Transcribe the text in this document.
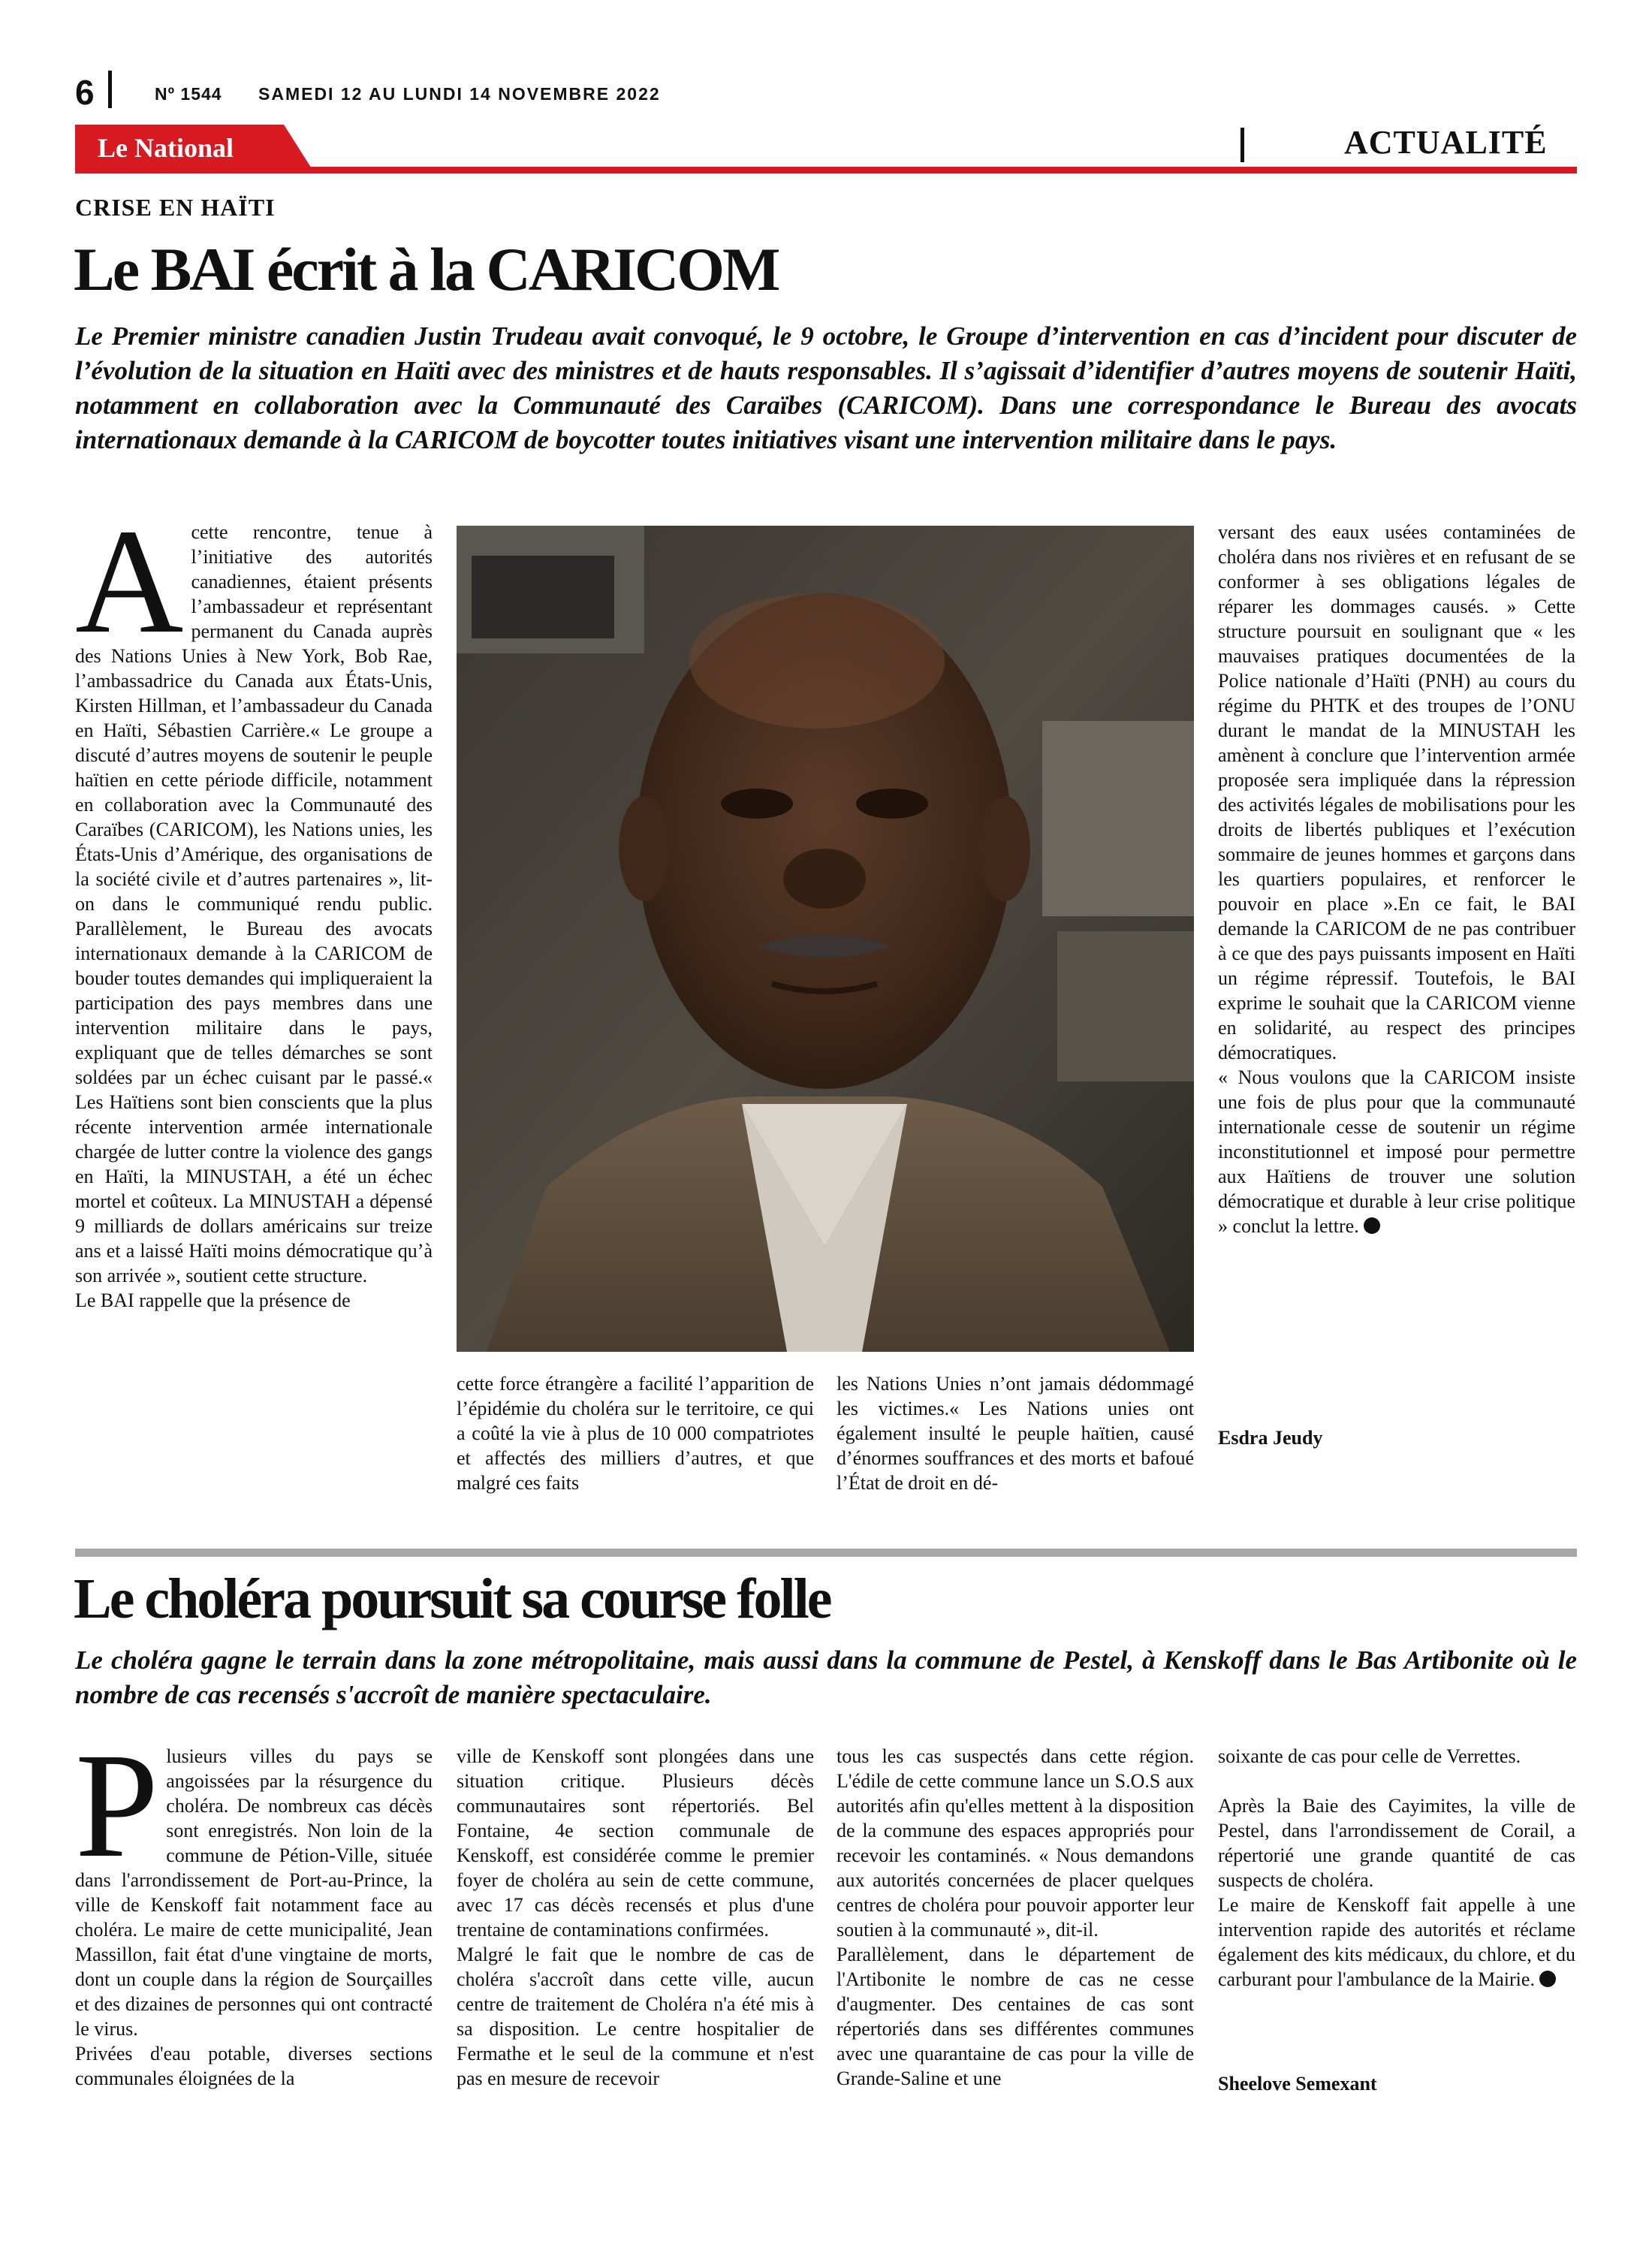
6	Nº 1544 SAMEDI 12 AU LUNDI 14 NOVEMBRE 2022
Le National	ACTUALITÉ
CRISE EN HAÏTI
Le BAI écrit à la CARICOM

Le Premier ministre canadien Justin Trudeau avait convoqué, le 9 octobre, le Groupe d’intervention en cas d’incident pour discuter de l’évolution de la situation en Haïti avec des ministres et de hauts responsables. Il s’agissait d’identifier d’autres moyens de soutenir Haïti, notamment en collaboration avec la Communauté des Caraïbes (CARICOM). Dans une correspondance le Bureau des avocats internationaux demande à la CARICOM de boycotter toutes initiatives visant une intervention militaire dans le pays.

A cette rencontre, tenue à l’initiative des autorités canadiennes, étaient présents l’ambassadeur et représentant permanent du Canada auprès des Nations Unies à New York, Bob Rae, l’ambassadrice du Canada aux États-Unis, Kirsten Hillman, et l’ambassadeur du Canada en Haïti, Sébastien Carrière.« Le groupe a discuté d’autres moyens de soutenir le peuple haïtien en cette période difficile, notamment en collaboration avec la Communauté des Caraïbes (CARICOM), les Nations unies, les États-Unis d’Amérique, des organisations de la société civile et d’autres partenaires », lit-on dans le communiqué rendu public. Parallèlement, le Bureau des avocats internationaux demande à la CARICOM de bouder toutes demandes qui impliqueraient la participation des pays membres dans une intervention militaire dans le pays, expliquant que de telles démarches se sont soldées par un échec cuisant par le passé.« Les Haïtiens sont bien conscients que la plus récente intervention armée internationale chargée de lutter contre la violence des gangs en Haïti, la MINUSTAH, a été un échec mortel et coûteux. La MINUSTAH a dépensé 9 milliards de dollars américains sur treize ans et a laissé Haïti moins démocratique qu’à son arrivée », soutient cette structure.

Le BAI rappelle que la présence de

cette force étrangère a facilité l’apparition de l’épidémie du choléra sur le territoire, ce qui a coûté la vie à plus de 10 000 compatriotes et affectés des milliers d’autres, et que malgré ces faits

les Nations Unies n’ont jamais dédommagé les victimes.« Les Nations unies ont également insulté le peuple haïtien, causé d’énormes souffrances et des morts et bafoué l’État de droit en dé-

versant des eaux usées contaminées de choléra dans nos rivières et en refusant de se conformer à ses obligations légales de réparer les dommages causés. » Cette structure poursuit en soulignant que « les mauvaises pratiques documentées de la Police nationale d’Haïti (PNH) au cours du régime du PHTK et des troupes de l’ONU durant le mandat de la MINUSTAH les amènent à conclure que l’intervention armée proposée sera impliquée dans la répression des activités légales de mobilisations pour les droits de libertés publiques et l’exécution sommaire de jeunes hommes et garçons dans les quartiers populaires, et renforcer le pouvoir en place ».En ce fait, le BAI demande la CARICOM de ne pas contribuer à ce que des pays puissants imposent en Haïti un régime répressif. Toutefois, le BAI exprime le souhait que la CARICOM vienne en solidarité, au respect des principes démocratiques.

« Nous voulons que la CARICOM insiste une fois de plus pour que la communauté internationale cesse de soutenir un régime inconstitutionnel et imposé pour permettre aux Haïtiens de trouver une solution démocratique et durable à leur crise politique » conclut la lettre.

Esdra Jeudy
Le choléra poursuit sa course folle

Le choléra gagne le terrain dans la zone métropolitaine, mais aussi dans la commune de Pestel, à Kenskoff dans le Bas Artibonite où le nombre de cas recensés s'accroît de manière spectaculaire.

P lusieurs villes du pays se angoissées par la résurgence du choléra. De nombreux cas décès sont enregistrés. Non loin de la commune de Pétion-Ville, située dans l'arrondissement de Port-au-Prince, la ville de Kenskoff fait notamment face au choléra. Le maire de cette municipalité, Jean Massillon, fait état d'une vingtaine de morts, dont un couple dans la région de Sourçailles et des dizaines de personnes qui ont contracté le virus.

Privées d'eau potable, diverses sections communales éloignées de la

ville de Kenskoff sont plongées dans une situation critique. Plusieurs décès communautaires sont répertoriés. Bel Fontaine, 4e section communale de Kenskoff, est considérée comme le premier foyer de choléra au sein de cette commune, avec 17 cas décès recensés et plus d'une trentaine de contaminations confirmées.

Malgré le fait que le nombre de cas de choléra s'accroît dans cette ville, aucun centre de traitement de Choléra n'a été mis à sa disposition. Le centre hospitalier de Fermathe et le seul de la commune et n'est pas en mesure de recevoir

tous les cas suspectés dans cette région. L'édile de cette commune lance un S.O.S aux autorités afin qu'elles mettent à la disposition de la commune des espaces appropriés pour recevoir les contaminés. « Nous demandons aux autorités concernées de placer quelques centres de choléra pour pouvoir apporter leur soutien à la communauté », dit-il.

Parallèlement, dans le département de l'Artibonite le nombre de cas ne cesse d'augmenter. Des centaines de cas sont répertoriés dans ses différentes communes avec une quarantaine de cas pour la ville de Grande-Saline et une

soixante de cas pour celle de Verrettes.

Après la Baie des Cayimites, la ville de Pestel, dans l'arrondissement de Corail, a répertorié une grande quantité de cas suspects de choléra.

Le maire de Kenskoff fait appelle à une intervention rapide des autorités et réclame également des kits médicaux, du chlore, et du carburant pour l'ambulance de la Mairie.

Sheelove Semexant
